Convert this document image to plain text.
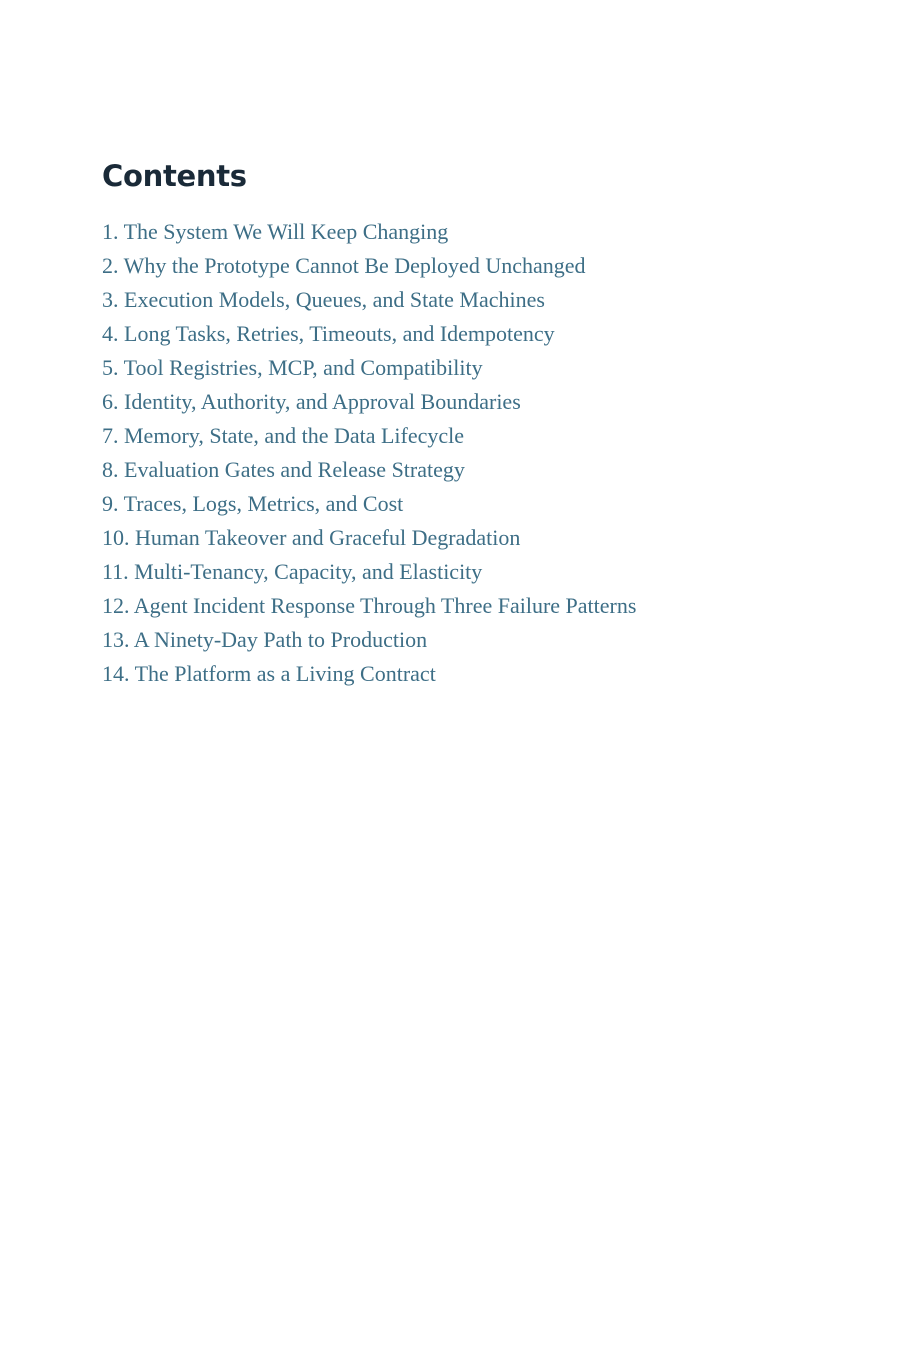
Contents
1. The System We Will Keep Changing
2. Why the Prototype Cannot Be Deployed Unchanged
3. Execution Models, Queues, and State Machines
4. Long Tasks, Retries, Timeouts, and Idempotency
5. Tool Registries, MCP, and Compatibility
6. Identity, Authority, and Approval Boundaries
7. Memory, State, and the Data Lifecycle
8. Evaluation Gates and Release Strategy
9. Traces, Logs, Metrics, and Cost
10. Human Takeover and Graceful Degradation
11. Multi-Tenancy, Capacity, and Elasticity
12. Agent Incident Response Through Three Failure Patterns
13. A Ninety-Day Path to Production
14. The Platform as a Living Contract
